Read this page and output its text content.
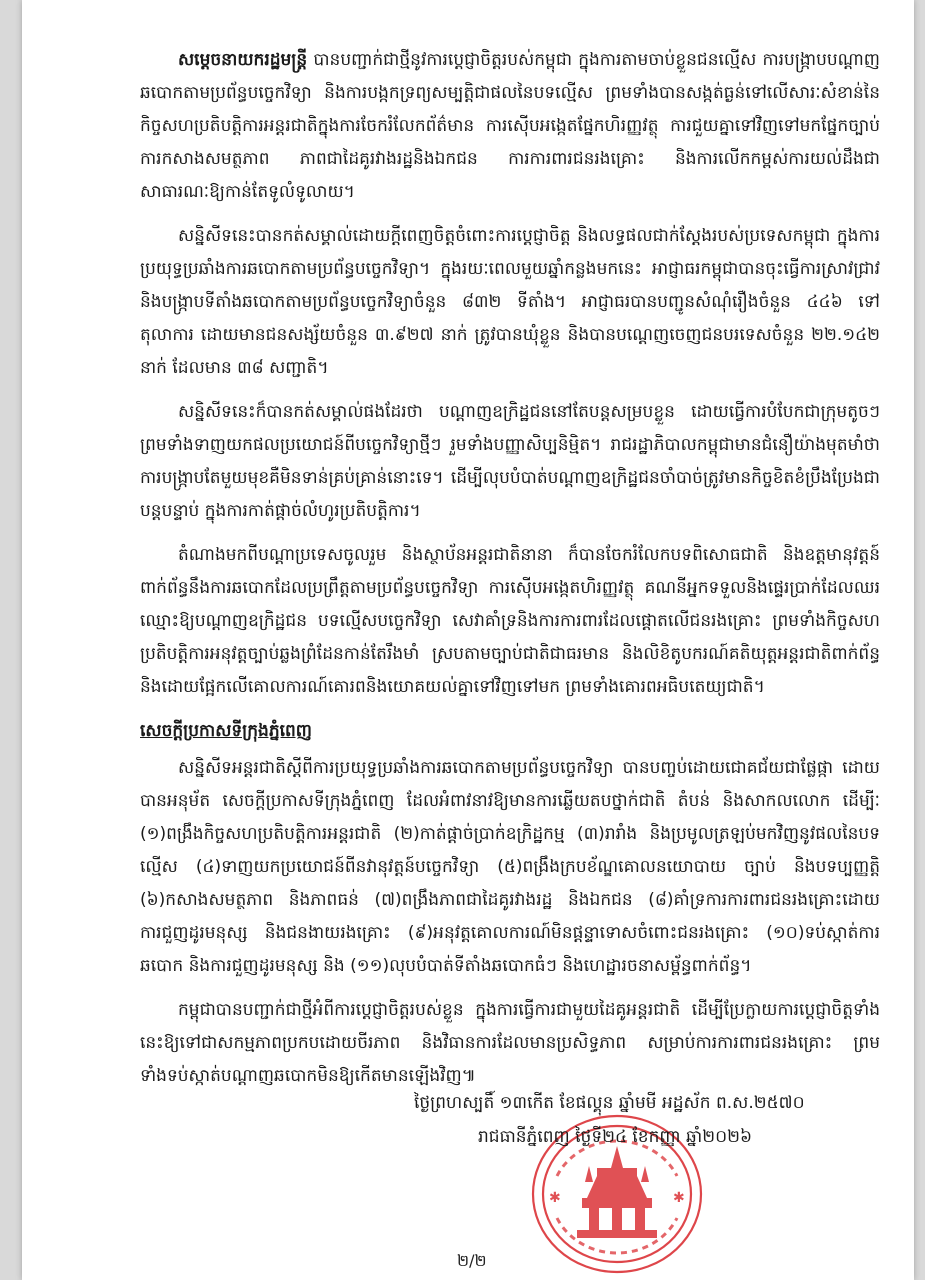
សម្តេចនាយករដ្ឋមន្ត្រី បានបញ្ជាក់ជាថ្មីនូវការប្តេជ្ញាចិត្តរបស់កម្ពុជា ក្នុងការតាមចាប់ខ្លួនជនល្មើស ការបង្ក្រាបបណ្តាញឆបោកតាមប្រព័ន្ធបច្ចេកវិទ្យា និងការបង្កកទ្រព្យសម្បត្តិជាផលនៃបទល្មើស ព្រមទាំងបានសង្កត់ធ្ងន់ទៅលើសារៈសំខាន់នៃកិច្ចសហប្រតិបត្តិការអន្តរជាតិក្នុងការចែករំលែកព័ត៌មាន ការស៊ើបអង្កេតផ្នែកហិរញ្ញវត្ថុ ការជួយគ្នាទៅវិញទៅមកផ្នែកច្បាប់ ការកសាងសមត្ថភាព ភាពជាដៃគូរវាងរដ្ឋនិងឯកជន ការការពារជនរងគ្រោះ និងការលើកកម្ពស់ការយល់ដឹងជាសាធារណៈឱ្យកាន់តែទូលំទូលាយ។

សន្និសីទនេះបានកត់សម្គាល់ដោយក្តីពេញចិត្តចំពោះការប្តេជ្ញាចិត្ត និងលទ្ធផលជាក់ស្តែងរបស់ប្រទេសកម្ពុជា ក្នុងការប្រយុទ្ធប្រឆាំងការឆបោកតាមប្រព័ន្ធបច្ចេកវិទ្យា។ ក្នុងរយៈពេលមួយឆ្នាំកន្លងមកនេះ អាជ្ញាធរកម្ពុជាបានចុះធ្វើការស្រាវជ្រាវ និងបង្ក្រាបទីតាំងឆបោកតាមប្រព័ន្ធបច្ចេកវិទ្យាចំនួន ៨៣២ ទីតាំង។ អាជ្ញាធរបានបញ្ជូនសំណុំរឿងចំនួន ៤៤៦ ទៅតុលាការ ដោយមានជនសង្ស័យចំនួន ៣.៩២៧ នាក់ ត្រូវបានឃុំខ្លួន និងបានបណ្តេញចេញជនបរទេសចំនួន ២២.១៤២ នាក់ ដែលមាន ៣៨ សញ្ជាតិ។

សន្និសីទនេះក៏បានកត់សម្គាល់ផងដែរថា បណ្តាញឧក្រិដ្ឋជននៅតែបន្តសម្របខ្លួន ដោយធ្វើការបំបែកជាក្រុមតូចៗ ព្រមទាំងទាញយកផលប្រយោជន៍ពីបច្ចេកវិទ្យាថ្មីៗ រួមទាំងបញ្ញាសិប្បនិម្មិត។ រាជរដ្ឋាភិបាលកម្ពុជាមានជំនឿយ៉ាងមុតមាំថា ការបង្ក្រាបតែមួយមុខគឺមិនទាន់គ្រប់គ្រាន់នោះទេ។ ដើម្បីលុបបំបាត់បណ្តាញឧក្រិដ្ឋជនចាំបាច់ត្រូវមានកិច្ចខិតខំប្រឹងប្រែងជាបន្តបន្ទាប់ ក្នុងការកាត់ផ្តាច់លំហូរប្រតិបត្តិការ។

តំណាងមកពីបណ្តាប្រទេសចូលរួម និងស្ថាប័នអន្តរជាតិនានា ក៏បានចែករំលែកបទពិសោធជាតិ និងឧត្តមានុវត្តន៍ ពាក់ព័ន្ធនឹងការឆបោកដែលប្រព្រឹត្តតាមប្រព័ន្ធបច្ចេកវិទ្យា ការស៊ើបអង្កេតហិរញ្ញវត្ថុ គណនីអ្នកទទួលនិងផ្ទេរប្រាក់ដែលឈរឈ្មោះឱ្យបណ្តាញឧក្រិដ្ឋជន បទល្មើសបច្ចេកវិទ្យា សេវាគាំទ្រនិងការការពារដែលផ្តោតលើជនរងគ្រោះ ព្រមទាំងកិច្ចសហប្រតិបត្តិការអនុវត្តច្បាប់ឆ្លងព្រំដែនកាន់តែរឹងមាំ ស្របតាមច្បាប់ជាតិជាធរមាន និងលិខិតូបករណ៍គតិយុត្តអន្តរជាតិពាក់ព័ន្ធ និងដោយផ្អែកលើគោលការណ៍គោរពនិងយោគយល់គ្នាទៅវិញទៅមក ព្រមទាំងគោរពអធិបតេយ្យជាតិ។

សេចក្តីប្រកាសទីក្រុងភ្នំពេញ

សន្និសីទអន្តរជាតិស្តីពីការប្រយុទ្ធប្រឆាំងការឆបោកតាមប្រព័ន្ធបច្ចេកវិទ្យា បានបញ្ចប់ដោយជោគជ័យជាផ្លែផ្កា ដោយបានអនុម័ត សេចក្តីប្រកាសទីក្រុងភ្នំពេញ ដែលអំពាវនាវឱ្យមានការឆ្លើយតបថ្នាក់ជាតិ តំបន់ និងសាកលលោក ដើម្បីៈ (១)ពង្រឹងកិច្ចសហប្រតិបត្តិការអន្តរជាតិ (២)កាត់ផ្តាច់ប្រាក់ឧក្រិដ្ឋកម្ម (៣)រារាំង និងប្រមូលត្រឡប់មកវិញនូវផលនៃបទល្មើស (៤)ទាញយកប្រយោជន៍ពីនវានុវត្តន៍បច្ចេកវិទ្យា (៥)ពង្រឹងក្របខ័ណ្ឌគោលនយោបាយ ច្បាប់ និងបទប្បញ្ញត្តិ (៦)កសាងសមត្ថភាព និងភាពធន់ (៧)ពង្រឹងភាពជាដៃគូរវាងរដ្ឋ និងឯកជន (៨)គាំទ្រការការពារជនរងគ្រោះដោយការជួញដូរមនុស្ស និងជនងាយរងគ្រោះ (៩)អនុវត្តគោលការណ៍មិនផ្តន្ទាទោសចំពោះជនរងគ្រោះ (១០)ទប់ស្កាត់ការឆបោក និងការជួញដូរមនុស្ស និង (១១)លុបបំបាត់ទីតាំងឆបោកធំៗ និងហេដ្ឋារចនាសម្ព័ន្ធពាក់ព័ន្ធ។

កម្ពុជាបានបញ្ជាក់ជាថ្មីអំពីការប្តេជ្ញាចិត្តរបស់ខ្លួន ក្នុងការធ្វើការជាមួយដៃគូអន្តរជាតិ ដើម្បីប្រែក្លាយការប្តេជ្ញាចិត្តទាំងនេះឱ្យទៅជាសកម្មភាពប្រកបដោយចីរភាព និងវិធានការដែលមានប្រសិទ្ធភាព សម្រាប់ការការពារជនរងគ្រោះ ព្រមទាំងទប់ស្កាត់បណ្តាញឆបោកមិនឱ្យកើតមានឡើងវិញ៕

✱	✱
ថ្ងៃព្រហស្បតិ៍ ១៣កើត ខែផល្គុន ឆ្នាំមមី អដ្ឋស័ក ព.ស.២៥៧០
រាជធានីភ្នំពេញ ថ្ងៃទី២៤ ខែកញ្ញា ឆ្នាំ២០២៦
២/២
